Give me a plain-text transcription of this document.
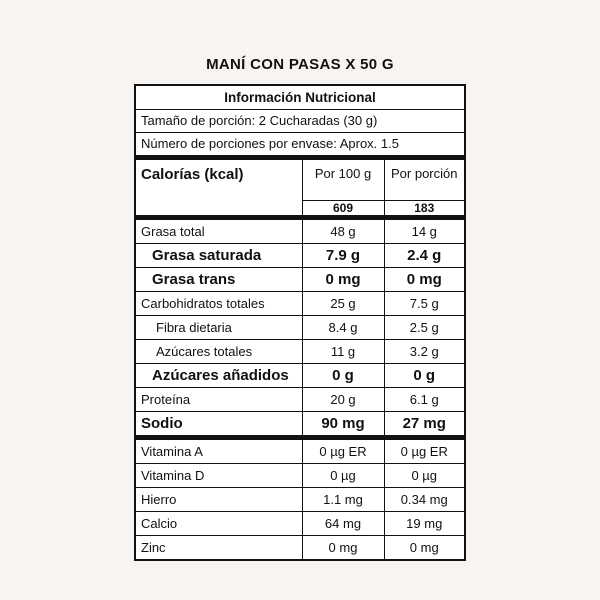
MANÍ CON PASAS X 50 G
Información Nutricional
Tamaño de porción: 2 Cucharadas (30 g)
Número de porciones por envase: Aprox. 1.5
Calorías (kcal)	Por 100 g	Por porción
	609	183
Grasa total	48 g	14 g
Grasa saturada	7.9 g	2.4 g
Grasa trans	0 mg	0 mg
Carbohidratos totales	25 g	7.5 g
Fibra dietaria	8.4 g	2.5 g
Azúcares totales	11 g	3.2 g
Azúcares añadidos	0 g	0 g
Proteína	20 g	6.1 g
Sodio	90 mg	27 mg
Vitamina A	0 µg ER	0 µg ER
Vitamina D	0 µg	0 µg
Hierro	1.1 mg	0.34 mg
Calcio	64 mg	19 mg
Zinc	0 mg	0 mg
